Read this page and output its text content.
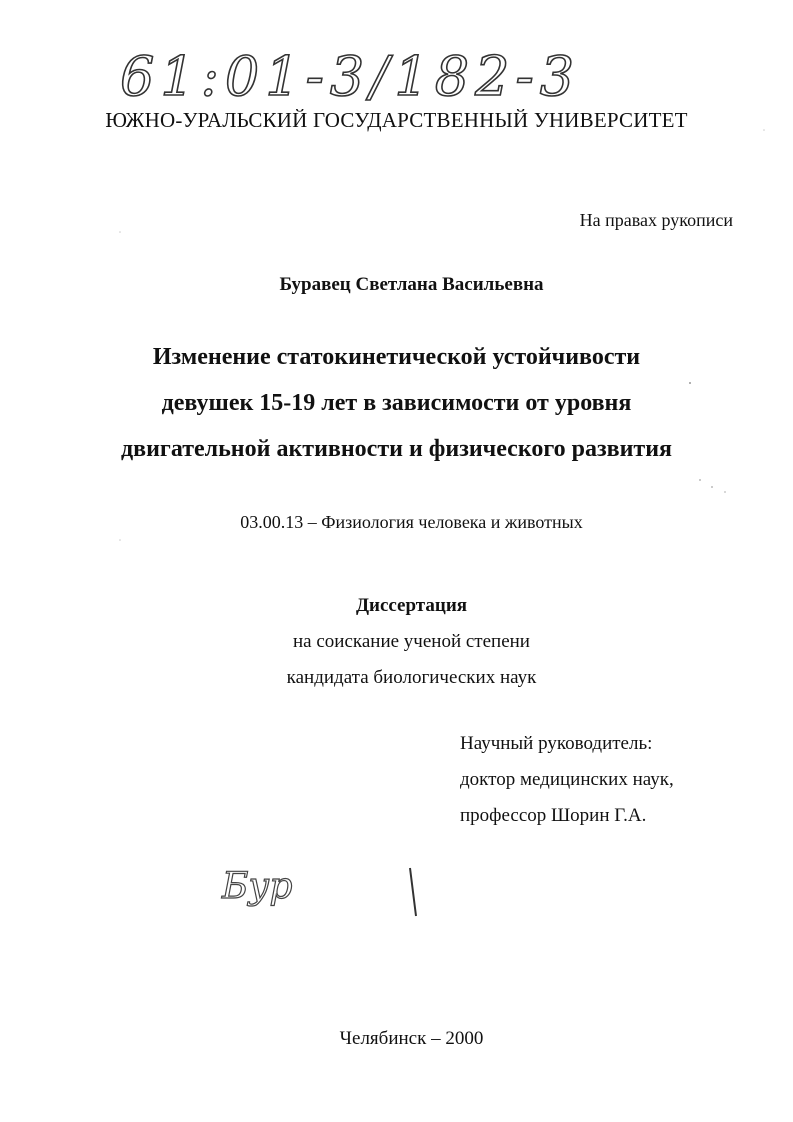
61:01-3/182-3
ЮЖНО-УРАЛЬСКИЙ ГОСУДАРСТВЕННЫЙ УНИВЕРСИТЕТ
На правах рукописи
Буравец Светлана Васильевна
Изменение статокинетической устойчивости
девушек 15-19 лет в зависимости от уровня
двигательной активности и физического развития
03.00.13 – Физиология человека и животных
Диссертация
на соискание ученой степени
кандидата биологических наук
Научный руководитель:
доктор медицинских наук,
профессор Шорин Г.А.
Бур
Челябинск – 2000
